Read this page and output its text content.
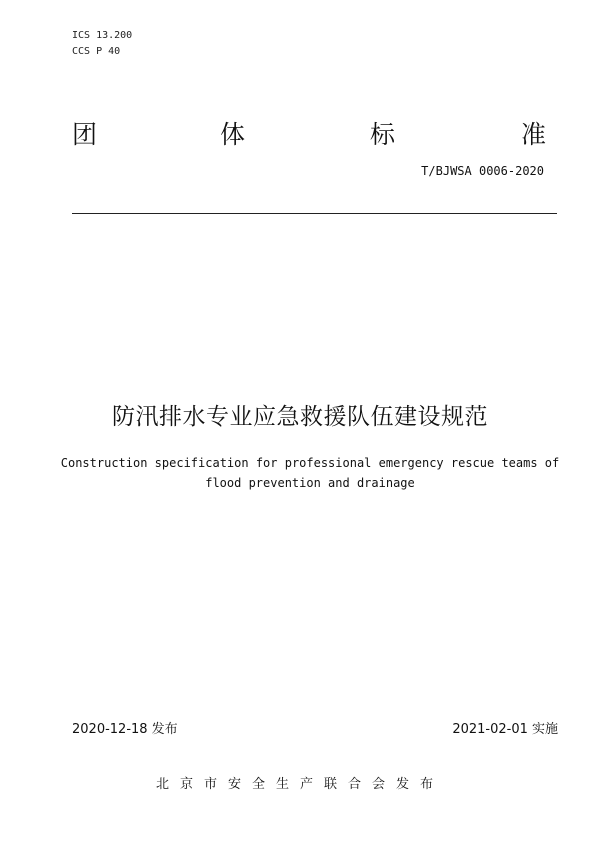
ICS 13.200
CCS P 40
团	体	标	准
T/BJWSA 0006-2020
防汛排水专业应急救援队伍建设规范
Construction specification for professional emergency rescue teams of
flood prevention and drainage
2020-12-18 发布	2021-02-01 实施
北京市安全生产联合会发布
